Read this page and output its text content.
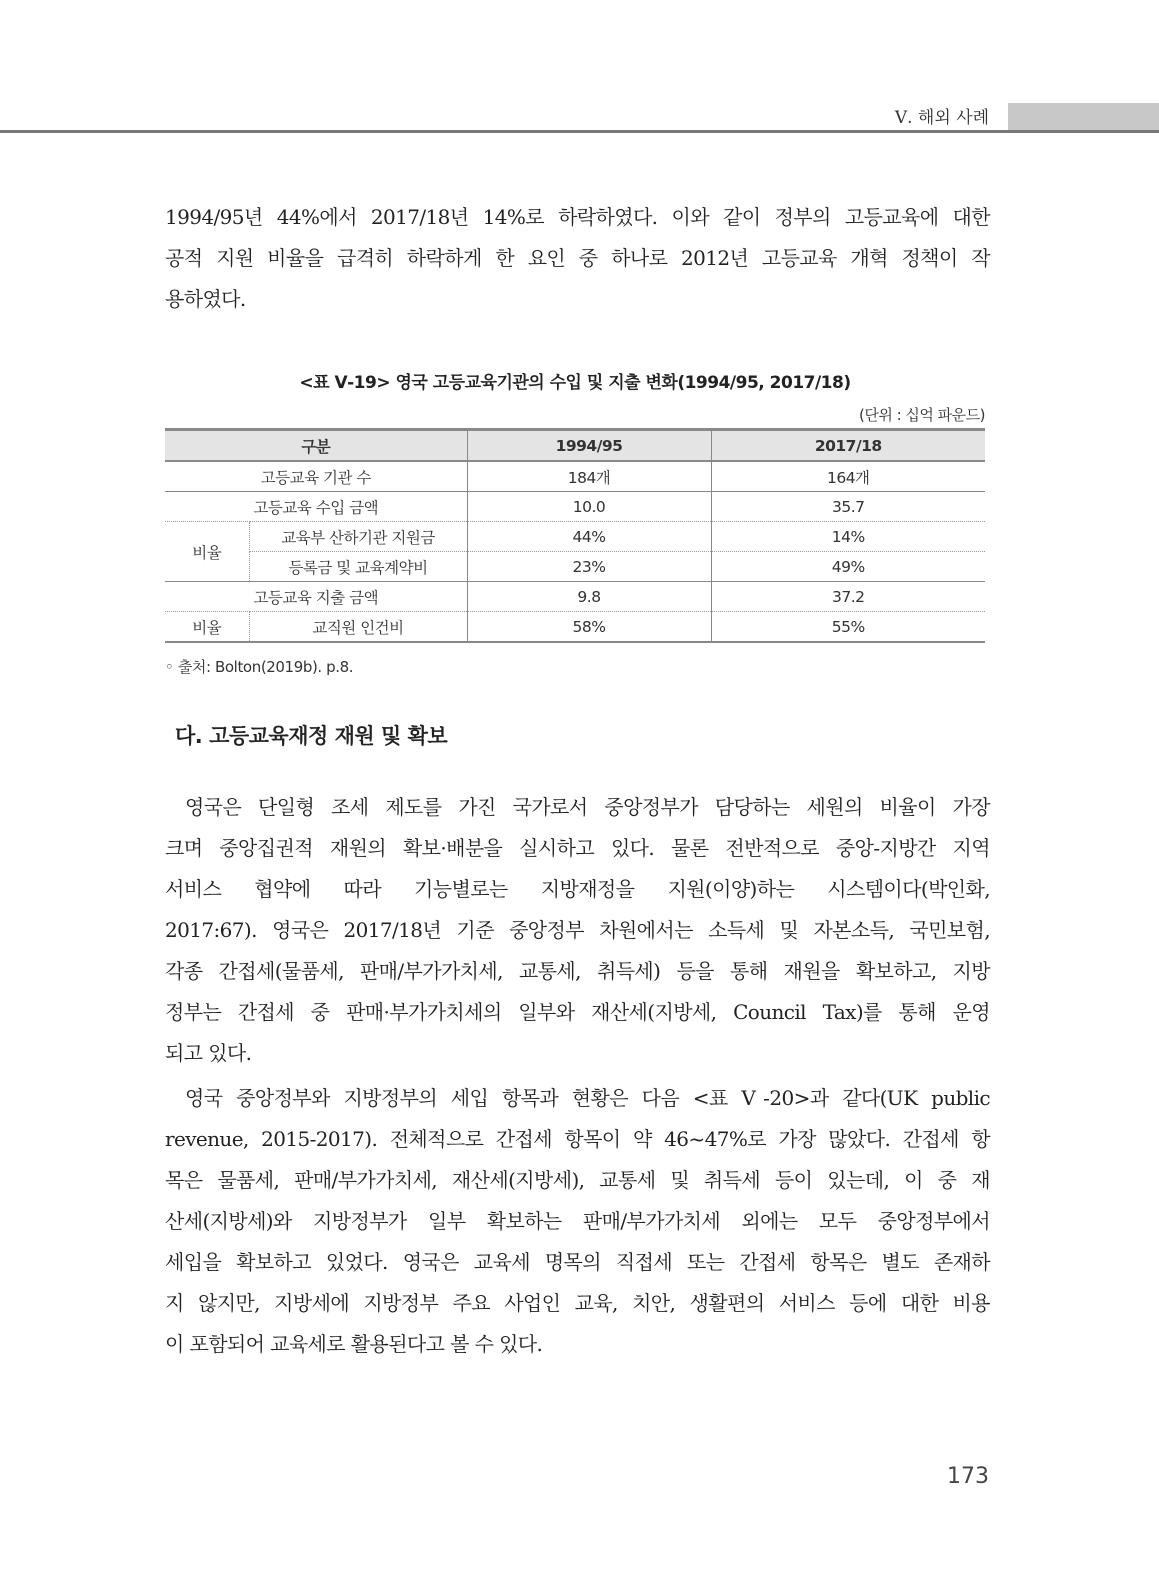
Ⅴ. 해외 사례
1994/95년 44%에서 2017/18년 14%로 하락하였다. 이와 같이 정부의 고등교육에 대한
공적 지원 비율을 급격히 하락하게 한 요인 중 하나로 2012년 고등교육 개혁 정책이 작
용하였다.
<표 Ⅴ-19> 영국 고등교육기관의 수입 및 지출 변화(1994/95, 2017/18)
(단위 : 십억 파운드)
구분		1994/95	2017/18
고등교육 기관 수		184개	164개
고등교육 수입 금액		10.0	35.7
비율	교육부 산하기관 지원금	44%	14%
	등록금 및 교육계약비	23%	49%
고등교육 지출 금액		9.8	37.2
비율	교직원 인건비	58%	55%
◦ 출처: Bolton(2019b). p.8.
다. 고등교육재정 재원 및 확보
영국은 단일형 조세 제도를 가진 국가로서 중앙정부가 담당하는 세원의 비율이 가장
크며 중앙집권적 재원의 확보·배분을 실시하고 있다. 물론 전반적으로 중앙-지방간 지역
서비스 협약에 따라 기능별로는 지방재정을 지원(이양)하는 시스템이다(박인화,
2017:67). 영국은 2017/18년 기준 중앙정부 차원에서는 소득세 및 자본소득, 국민보험,
각종 간접세(물품세, 판매/부가가치세, 교통세, 취득세) 등을 통해 재원을 확보하고, 지방
정부는 간접세 중 판매·부가가치세의 일부와 재산세(지방세, Council Tax)를 통해 운영
되고 있다.
영국 중앙정부와 지방정부의 세입 항목과 현황은 다음 <표 Ⅴ-20>과 같다(UK public
revenue, 2015-2017). 전체적으로 간접세 항목이 약 46~47%로 가장 많았다. 간접세 항
목은 물품세, 판매/부가가치세, 재산세(지방세), 교통세 및 취득세 등이 있는데, 이 중 재
산세(지방세)와 지방정부가 일부 확보하는 판매/부가가치세 외에는 모두 중앙정부에서
세입을 확보하고 있었다. 영국은 교육세 명목의 직접세 또는 간접세 항목은 별도 존재하
지 않지만, 지방세에 지방정부 주요 사업인 교육, 치안, 생활편의 서비스 등에 대한 비용
이 포함되어 교육세로 활용된다고 볼 수 있다.
173
